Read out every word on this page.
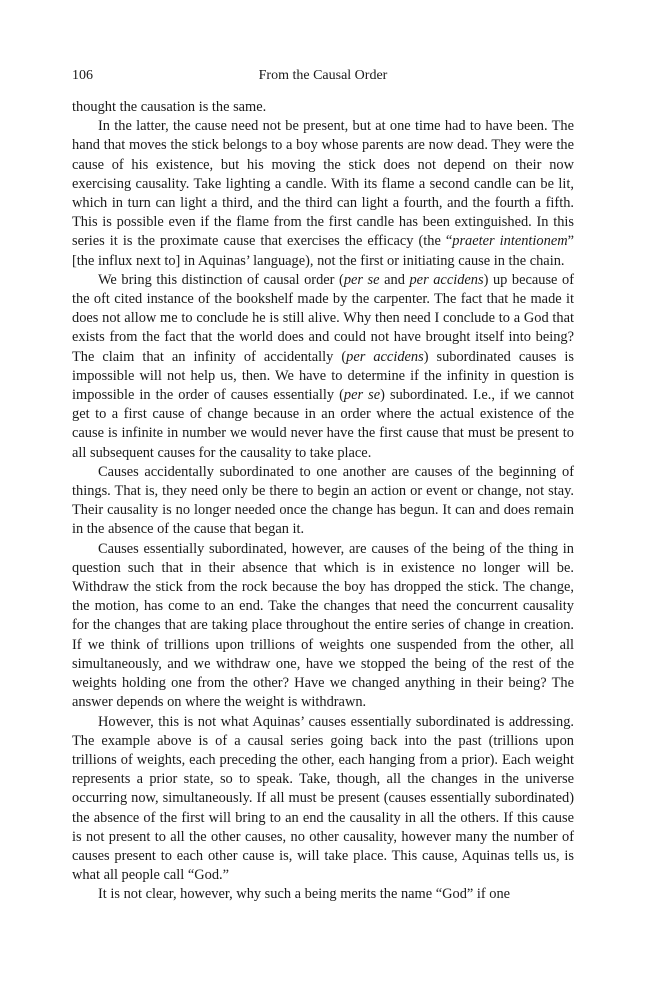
106	From the Causal Order

thought the causation is the same.

In the latter, the cause need not be present, but at one time had to have been. The hand that moves the stick belongs to a boy whose parents are now dead. They were the cause of his existence, but his moving the stick does not depend on their now exercising causality. Take lighting a candle. With its flame a second candle can be lit, which in turn can light a third, and the third can light a fourth, and the fourth a fifth. This is possible even if the flame from the first candle has been extinguished. In this series it is the proximate cause that exercises the efficacy (the “praeter intentionem” [the influx next to] in Aquinas’ language), not the first or initiating cause in the chain.

We bring this distinction of causal order (per se and per accidens) up because of the oft cited instance of the bookshelf made by the carpenter. The fact that he made it does not allow me to conclude he is still alive. Why then need I conclude to a God that exists from the fact that the world does and could not have brought itself into being? The claim that an infinity of accidentally (per accidens) subordinated causes is impossible will not help us, then. We have to determine if the infinity in question is impossible in the order of causes essentially (per se) subordinated. I.e., if we cannot get to a first cause of change because in an order where the actual existence of the cause is infinite in number we would never have the first cause that must be present to all subsequent causes for the causality to take place.

Causes accidentally subordinated to one another are causes of the beginning of things. That is, they need only be there to begin an action or event or change, not stay. Their causality is no longer needed once the change has begun. It can and does remain in the absence of the cause that began it.

Causes essentially subordinated, however, are causes of the being of the thing in question such that in their absence that which is in existence no longer will be. Withdraw the stick from the rock because the boy has dropped the stick. The change, the motion, has come to an end. Take the changes that need the concurrent causality for the changes that are taking place throughout the entire series of change in creation. If we think of trillions upon trillions of weights one suspended from the other, all simultaneously, and we withdraw one, have we stopped the being of the rest of the weights holding one from the other? Have we changed anything in their being? The answer depends on where the weight is withdrawn.

However, this is not what Aquinas’ causes essentially subordinated is addressing. The example above is of a causal series going back into the past (trillions upon trillions of weights, each preceding the other, each hanging from a prior). Each weight represents a prior state, so to speak. Take, though, all the changes in the universe occurring now, simultaneously. If all must be present (causes essentially subordinated) the absence of the first will bring to an end the causality in all the others. If this cause is not present to all the other causes, no other causality, however many the number of causes present to each other cause is, will take place. This cause, Aquinas tells us, is what all people call “God.”

It is not clear, however, why such a being merits the name “God” if one
